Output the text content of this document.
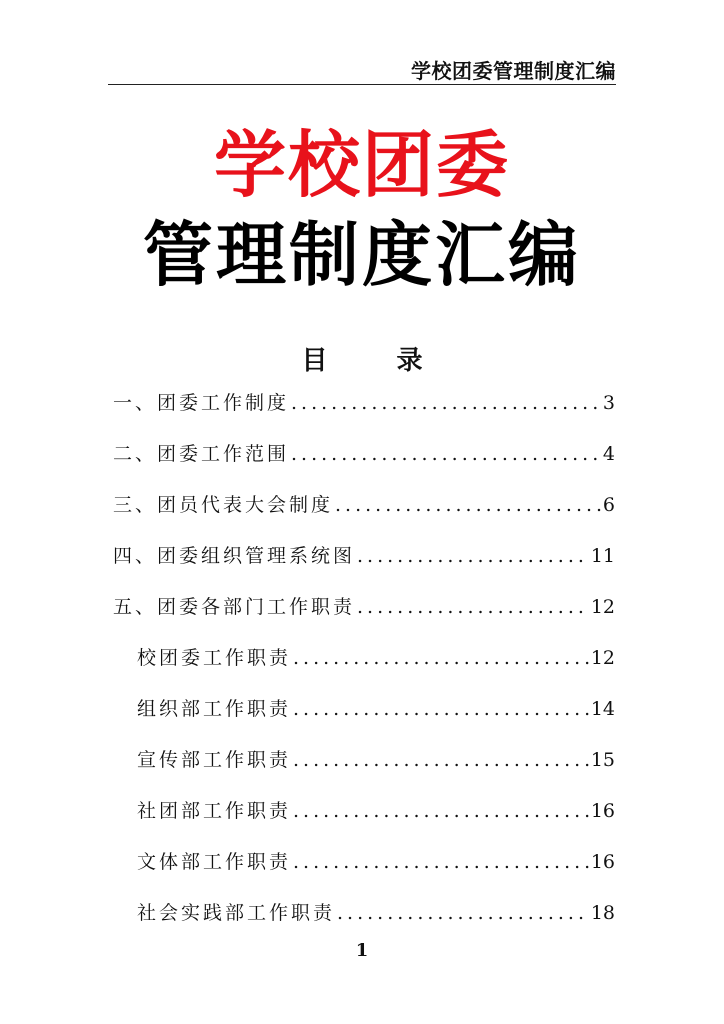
学校团委管理制度汇编
学校团委
管理制度汇编
目 录
一、团委工作制度 .....	3
二、团委工作范围 .....	4
三、团员代表大会制度 .....	6
四、团委组织管理系统图 .....	11
五、团委各部门工作职责 .....	12
校团委工作职责 .....	12
组织部工作职责 .....	14
宣传部工作职责 .....	15
社团部工作职责 .....	16
文体部工作职责 .....	16
社会实践部工作职责 .....	18
1
